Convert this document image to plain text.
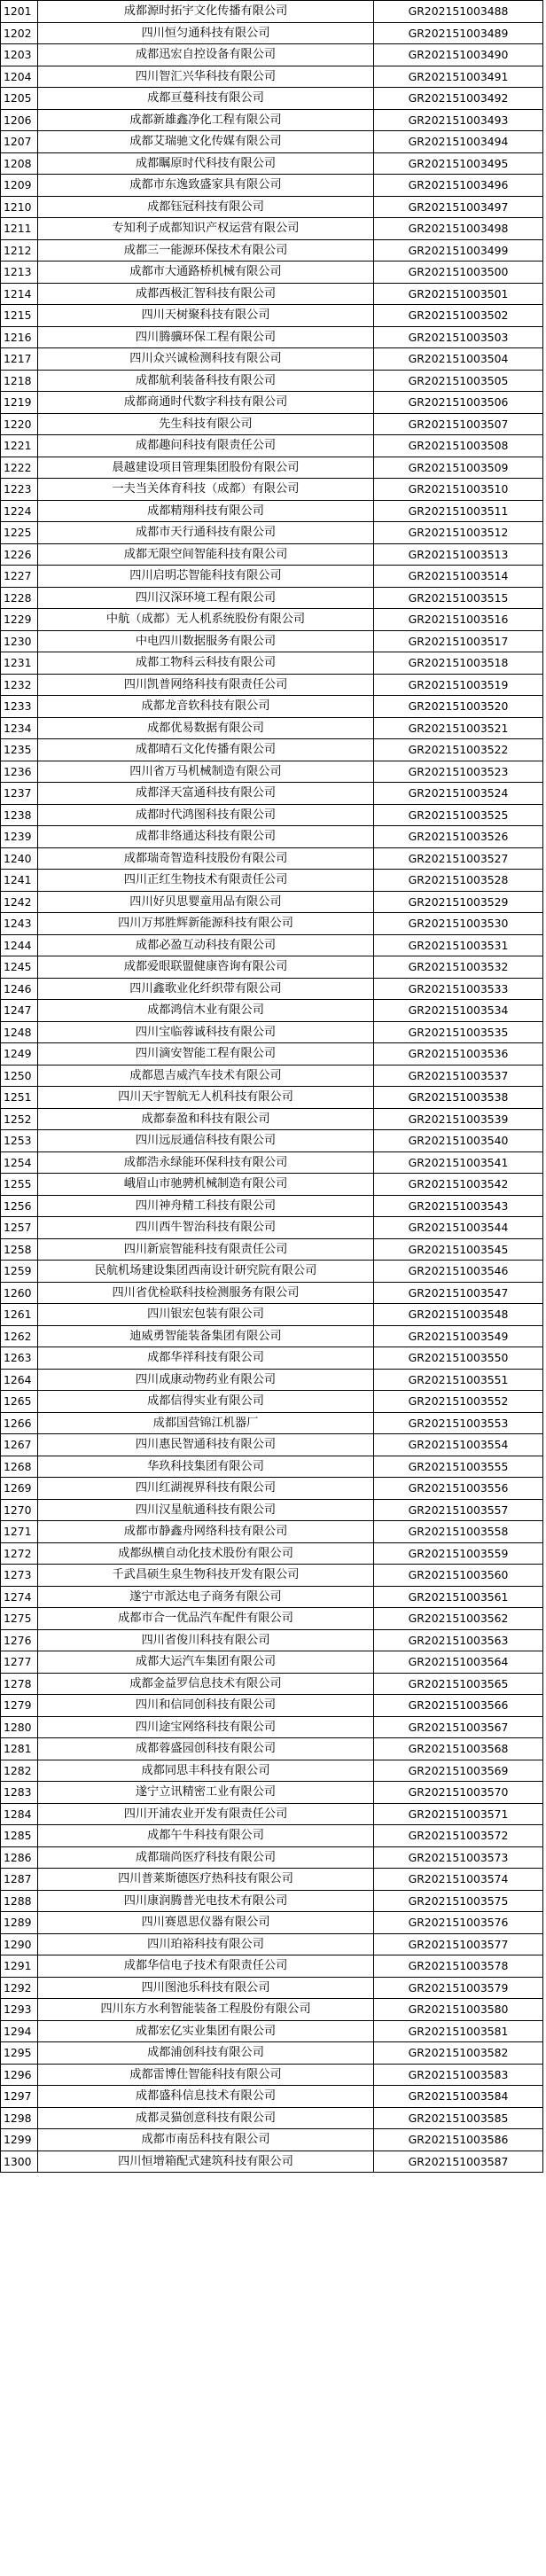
1201	成都源时拓宇文化传播有限公司	GR202151003488
1202	四川恒匀通科技有限公司	GR202151003489
1203	成都迅宏自控设备有限公司	GR202151003490
1204	四川智汇兴华科技有限公司	GR202151003491
1205	成都亘蔓科技有限公司	GR202151003492
1206	成都新雄鑫净化工程有限公司	GR202151003493
1207	成都艾瑞驰文化传媒有限公司	GR202151003494
1208	成都瞩原时代科技有限公司	GR202151003495
1209	成都市东逸致盛家具有限公司	GR202151003496
1210	成都钰冠科技有限公司	GR202151003497
1211	专知利子成都知识产权运营有限公司	GR202151003498
1212	成都三一能源环保技术有限公司	GR202151003499
1213	成都市大通路桥机械有限公司	GR202151003500
1214	成都西极汇智科技有限公司	GR202151003501
1215	四川天树聚科技有限公司	GR202151003502
1216	四川腾骥环保工程有限公司	GR202151003503
1217	四川众兴诚检测科技有限公司	GR202151003504
1218	成都航利装备科技有限公司	GR202151003505
1219	成都商通时代数字科技有限公司	GR202151003506
1220	先生科技有限公司	GR202151003507
1221	成都趣问科技有限责任公司	GR202151003508
1222	晨越建设项目管理集团股份有限公司	GR202151003509
1223	一夫当关体育科技（成都）有限公司	GR202151003510
1224	成都精翔科技有限公司	GR202151003511
1225	成都市天行通科技有限公司	GR202151003512
1226	成都无限空间智能科技有限公司	GR202151003513
1227	四川启明芯智能科技有限公司	GR202151003514
1228	四川汉深环境工程有限公司	GR202151003515
1229	中航（成都）无人机系统股份有限公司	GR202151003516
1230	中电四川数据服务有限公司	GR202151003517
1231	成都工物科云科技有限公司	GR202151003518
1232	四川凯普网络科技有限责任公司	GR202151003519
1233	成都龙音软科技有限公司	GR202151003520
1234	成都优易数据有限公司	GR202151003521
1235	成都晴石文化传播有限公司	GR202151003522
1236	四川省万马机械制造有限公司	GR202151003523
1237	成都泽天富通科技有限公司	GR202151003524
1238	成都时代鸿图科技有限公司	GR202151003525
1239	成都非络通达科技有限公司	GR202151003526
1240	成都瑞奇智造科技股份有限公司	GR202151003527
1241	四川正红生物技术有限责任公司	GR202151003528
1242	四川好贝思婴童用品有限公司	GR202151003529
1243	四川万邦胜辉新能源科技有限公司	GR202151003530
1244	成都必盈互动科技有限公司	GR202151003531
1245	成都爱眼联盟健康咨询有限公司	GR202151003532
1246	四川鑫歌业化纤织带有限公司	GR202151003533
1247	成都鸿信木业有限公司	GR202151003534
1248	四川宝临蓉诚科技有限公司	GR202151003535
1249	四川滴安智能工程有限公司	GR202151003536
1250	成都恩吉威汽车技术有限公司	GR202151003537
1251	四川天宇智航无人机科技有限公司	GR202151003538
1252	成都泰盈和科技有限公司	GR202151003539
1253	四川远辰通信科技有限公司	GR202151003540
1254	成都浩永绿能环保科技有限公司	GR202151003541
1255	峨眉山市驰骋机械制造有限公司	GR202151003542
1256	四川神舟精工科技有限公司	GR202151003543
1257	四川西牛智治科技有限公司	GR202151003544
1258	四川新宸智能科技有限责任公司	GR202151003545
1259	民航机场建设集团西南设计研究院有限公司	GR202151003546
1260	四川省优检联科技检测服务有限公司	GR202151003547
1261	四川银宏包装有限公司	GR202151003548
1262	迪威勇智能装备集团有限公司	GR202151003549
1263	成都华祥科技有限公司	GR202151003550
1264	四川成康动物药业有限公司	GR202151003551
1265	成都信得实业有限公司	GR202151003552
1266	成都国营锦江机器厂	GR202151003553
1267	四川惠民智通科技有限公司	GR202151003554
1268	华玖科技集团有限公司	GR202151003555
1269	四川红湖视界科技有限公司	GR202151003556
1270	四川汉星航通科技有限公司	GR202151003557
1271	成都市静鑫舟网络科技有限公司	GR202151003558
1272	成都纵横自动化技术股份有限公司	GR202151003559
1273	千武昌硕生泉生物科技开发有限公司	GR202151003560
1274	遂宁市派达电子商务有限公司	GR202151003561
1275	成都市合一优品汽车配件有限公司	GR202151003562
1276	四川省俊川科技有限公司	GR202151003563
1277	成都大运汽车集团有限公司	GR202151003564
1278	成都金益罗信息技术有限公司	GR202151003565
1279	四川和信同创科技有限公司	GR202151003566
1280	四川途宝网络科技有限公司	GR202151003567
1281	成都蓉盛园创科技有限公司	GR202151003568
1282	成都同思丰科技有限公司	GR202151003569
1283	遂宁立讯精密工业有限公司	GR202151003570
1284	四川开浦农业开发有限责任公司	GR202151003571
1285	成都午牛科技有限公司	GR202151003572
1286	成都瑞尚医疗科技有限公司	GR202151003573
1287	四川普莱斯德医疗热科技有限公司	GR202151003574
1288	四川康润腾普光电技术有限公司	GR202151003575
1289	四川赛恩思仪器有限公司	GR202151003576
1290	四川珀裕科技有限公司	GR202151003577
1291	成都华信电子技术有限责任公司	GR202151003578
1292	四川图池乐科技有限公司	GR202151003579
1293	四川东方水利智能装备工程股份有限公司	GR202151003580
1294	成都宏亿实业集团有限公司	GR202151003581
1295	成都浦创科技有限公司	GR202151003582
1296	成都雷博仕智能科技有限公司	GR202151003583
1297	成都盛科信息技术有限公司	GR202151003584
1298	成都灵猫创意科技有限公司	GR202151003585
1299	成都市南岳科技有限公司	GR202151003586
1300	四川恒增箱配式建筑科技有限公司	GR202151003587
